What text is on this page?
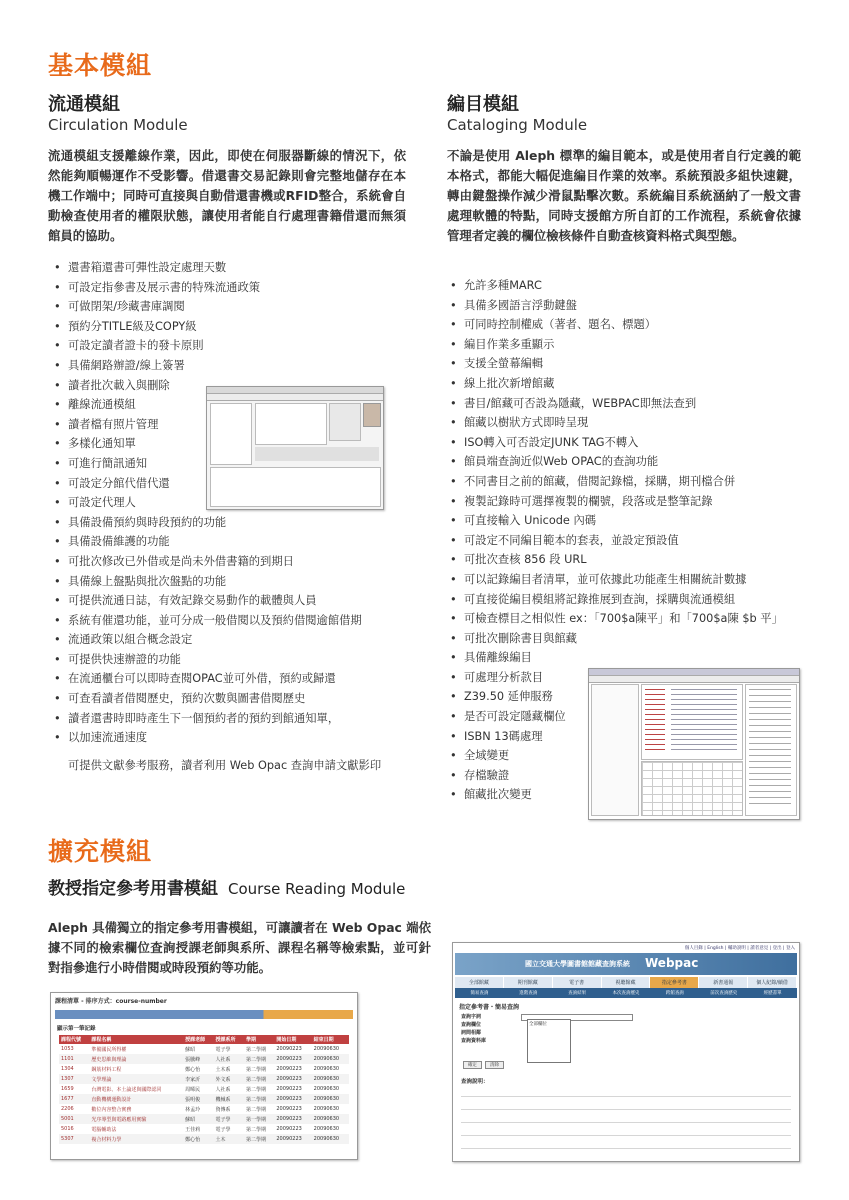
基本模組
流通模組
Circulation Module
流通模組支援離線作業，因此，即使在伺服器斷線的情況下，依然能夠順暢運作不受影響。借還書交易記錄則會完整地儲存在本機工作端中；同時可直接與自動借還書機或RFID整合，系統會自動檢查使用者的權限狀態，讓使用者能自行處理書籍借還而無須館員的協助。
• 還書箱還書可彈性設定處理天數
• 可設定指參書及展示書的特殊流通政策
• 可做閉架/珍藏書庫調閱
• 預約分TITLE級及COPY級
• 可設定讀者證卡的發卡原則
• 具備網路辦證/線上簽署
• 讀者批次載入與刪除
• 離線流通模組
• 讀者檔有照片管理
• 多樣化通知單
• 可進行簡訊通知
• 可設定分館代借代還
• 可設定代理人
• 具備設備預約與時段預約的功能
• 具備設備維護的功能
• 可批次修改已外借或是尚未外借書籍的到期日
• 具備線上盤點與批次盤點的功能
• 可提供流通日誌，有效記錄交易動作的載體與人員
• 系統有催還功能，並可分成一般借閱以及預約借閱逾館借期
• 流通政策以組合概念設定
• 可提供快速辦證的功能
• 在流通櫃台可以即時查閱OPAC並可外借，預約或歸還
• 可查看讀者借閱歷史，預約次數與圖書借閱歷史
• 讀者還書時即時產生下一個預約者的預約到館通知單，
• 以加速流通速度
可提供文獻參考服務，讀者利用 Web Opac 查詢申請文獻影印
編目模組
Cataloging Module
不論是使用 Aleph 標準的編目範本，或是使用者自行定義的範本格式，都能大幅促進編目作業的效率。系統預設多組快速鍵，轉由鍵盤操作減少滑鼠點擊次數。系統編目系統涵納了一般文書處理軟體的特點，同時支援館方所自訂的工作流程，系統會依據管理者定義的欄位檢核條件自動查核資料格式與型態。
• 允許多種MARC
• 具備多國語言浮動鍵盤
• 可同時控制權威（著者、題名、標題）
• 編目作業多重顯示
• 支援全螢幕編輯
• 線上批次新增館藏
• 書目/館藏可否設為隱藏，WEBPAC即無法查到
• 館藏以樹狀方式即時呈現
• ISO轉入可否設定JUNK TAG不轉入
• 館員端查詢近似Web OPAC的查詢功能
• 不同書目之前的館藏，借閱記錄檔，採購，期刊檔合併
• 複製記錄時可選擇複製的欄號，段落或是整筆記錄
• 可直接輸入 Unicode 內碼
• 可設定不同編目範本的套表，並設定預設值
• 可批次查核 856 段 URL
• 可以記錄編目者清單，並可依據此功能產生相關統計數據
• 可直接從編目模組將記錄推展到查詢，採購與流通模組
• 可檢查標目之相似性 ex：「700$a陳平」和「700$a陳 $b 平」
• 可批次刪除書目與館藏
• 具備離線編目
• 可處理分析款目
• Z39.50 延伸服務
• 是否可設定隱藏欄位
• ISBN 13碼處理
• 全域變更
• 存檔驗證
• 館藏批次變更
擴充模組
教授指定參考用書模組 Course Reading Module
Aleph 具備獨立的指定參考用書模組，可讓讀者在 Web Opac 端依據不同的檢索欄位查詢授課老師與系所、課程名稱等檢索點，並可針對指參進行小時借閱或時段預約等功能。
課程清單 - 排序方式：course-number
顯示第一筆記錄
課程代號	課程名稱	授課老師	授課系所	學期	開始日期	結束日期
1053	準備國民所得權	蘇昭	電子學	第二學期	20090223	20090630
1101	歷史思維與理論	張騰峰	人社系	第二學期	20090223	20090630
1304	鋼筋材料工程	鄭心怡	土木系	第二學期	20090223	20090630
1307	文學理論	李家沂	外文系	第二學期	20090223	20090630
1659	台灣電影、本土論述與國際認同	周晞民	人社系	第二學期	20090223	20090630
1677	直動機構運動設計	張明俊	機械系	第二學期	20090223	20090630
2206	數位內容整合實務	林孟玲	資傳系	第二學期	20090223	20090630
5001	光序導型與電路應用實驗	蘇昭	電子學	第一學期	20090223	20090630
5016	電腦輔助法	王佳莉	電子學	第二學期	20090223	20090630
5307	複合材料力學	鄭心怡	土木	第二學期	20090223	20090630
個人目錄 | English | 輔助說明 | 讀者意見 | 登出 | 登入
國立交通大學圖書館館藏查詢系統 Webpac
全部館藏	期刊館藏	電子書	視聽館藏	指定參考書	新書通報	個人紀錄/續借
簡易查詢	進階查詢	查詢結果	本次查詢歷史	跨館查詢	前次查詢歷史	經歷書單
指定參考書・簡易查詢
查詢字詞
查詢欄位
詞間相鄰
查詢資料庫
全部欄位
確定	清除
查詢說明：
